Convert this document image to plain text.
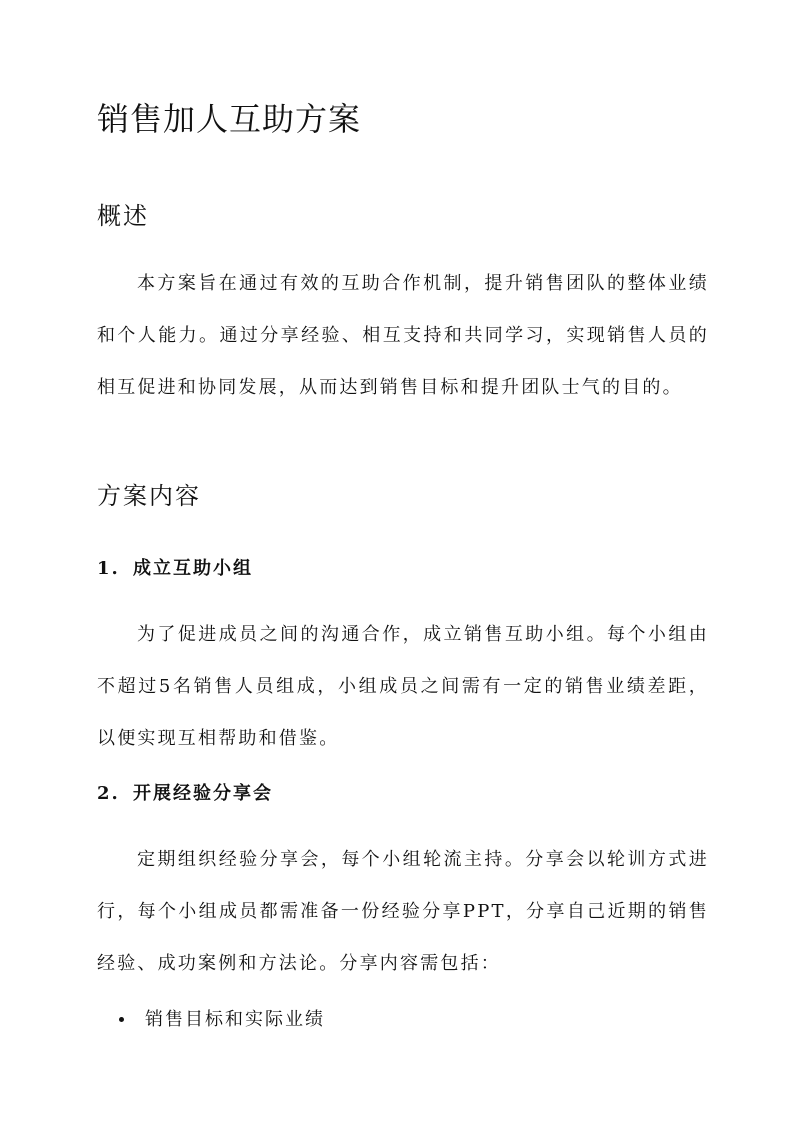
销售加人互助方案
概述

本方案旨在通过有效的互助合作机制，提升销售团队的整体业绩和个人能力。通过分享经验、相互支持和共同学习，实现销售人员的相互促进和协同发展，从而达到销售目标和提升团队士气的目的。

方案内容
1. 成立互助小组

为了促进成员之间的沟通合作，成立销售互助小组。每个小组由不超过5名销售人员组成，小组成员之间需有一定的销售业绩差距，以便实现互相帮助和借鉴。

2. 开展经验分享会

定期组织经验分享会，每个小组轮流主持。分享会以轮训方式进行，每个小组成员都需准备一份经验分享PPT，分享自己近期的销售经验、成功案例和方法论。分享内容需包括：

销售目标和实际业绩
